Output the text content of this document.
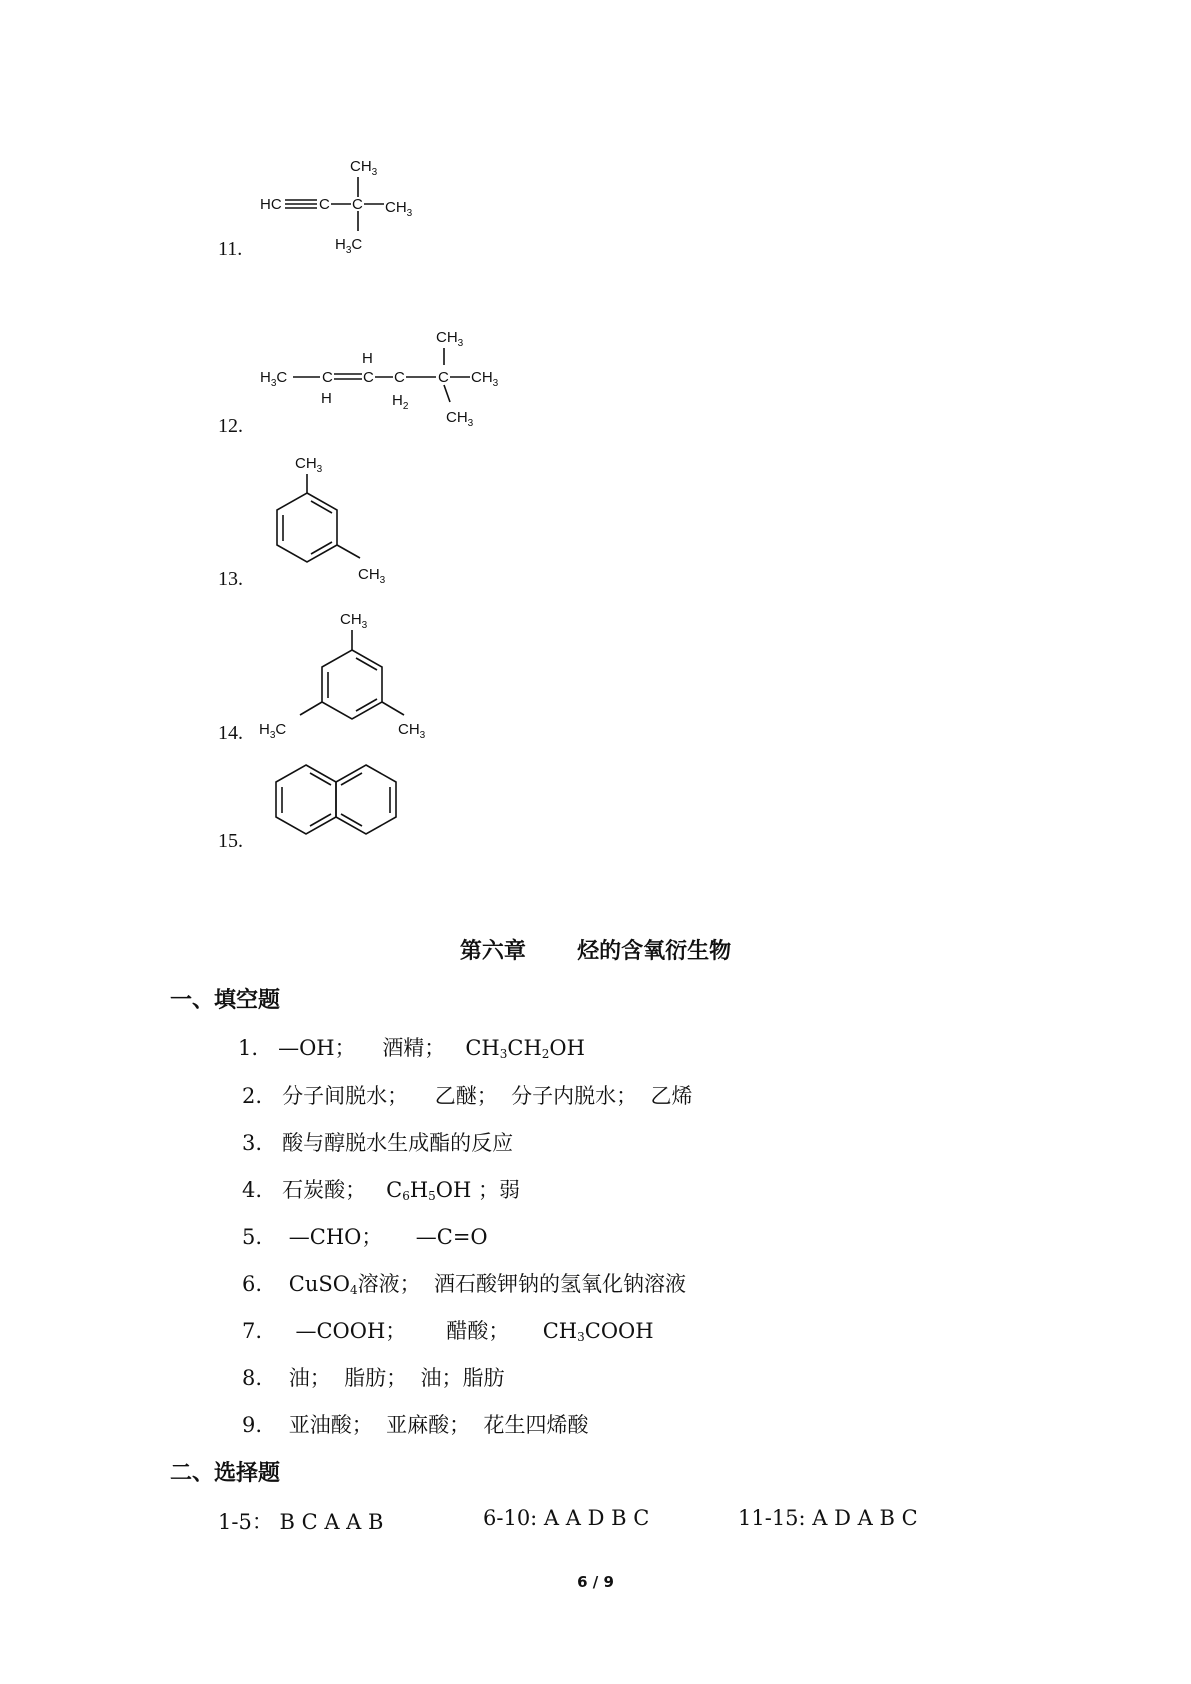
11.
$CH_3$
HC C C $CH_3$
$H_3C$
12.
$CH_3$
H
$H_3C$ C C C C $CH_3$
H	$H_2$
$CH_3$
13.
$CH_3$
$CH_3$
14.
$CH_3$
$H_3C$	$CH_3$
15.
第六章 烃的含氧衍生物
一、填空题
1. —OH； 酒精； $CH_3CH_2OH$
2. 分子间脱水； 乙醚； 分子内脱水； 乙烯
3. 酸与醇脱水生成酯的反应
4. 石炭酸； $C_6H_5OH$ ；弱
5. —CHO； —C=O
6. CuSO$_4$溶液； 酒石酸钾钠的氢氧化钠溶液
7. —COOH； 醋酸； $CH_3COOH$
8. 油； 脂肪； 油；脂肪
9. 亚油酸； 亚麻酸； 花生四烯酸
二、选择题
1-5： B C A A B	6-10: A A D B C	11-15: A D A B C
6 / 9
